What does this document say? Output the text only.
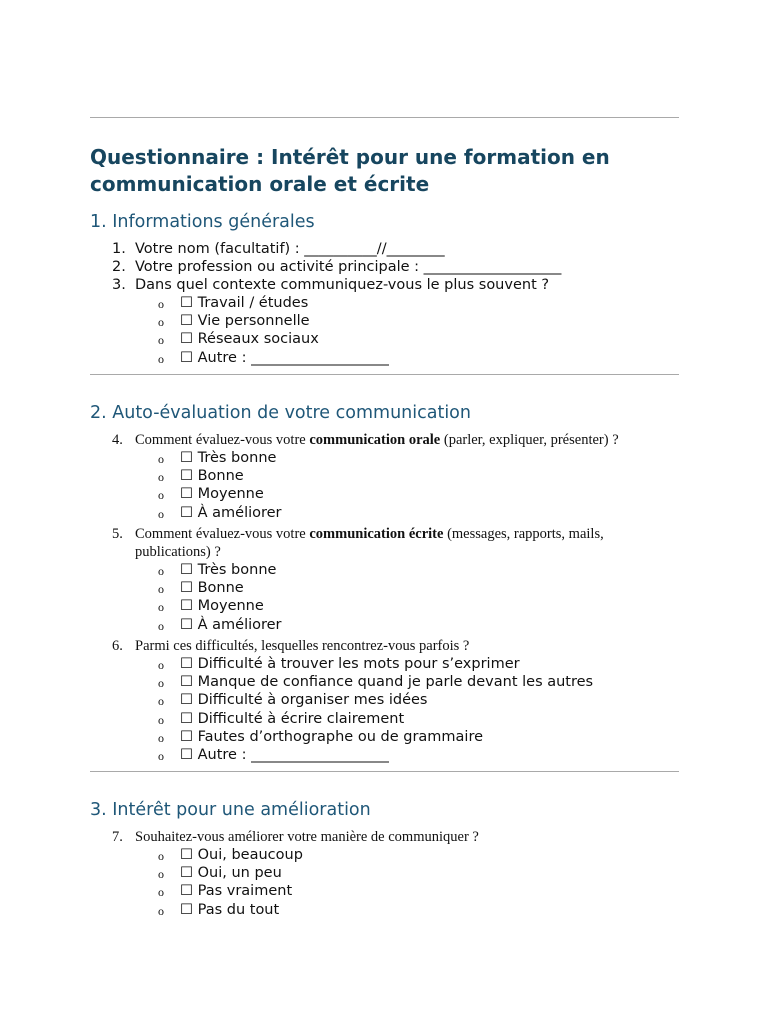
Questionnaire : Intérêt pour une formation en communication orale et écrite
1. Informations générales
1. Votre nom (facultatif) : __________//________
2. Votre profession ou activité principale : ___________________
3. Dans quel contexte communiquez-vous le plus souvent ?
o ☐ Travail / études
o ☐ Vie personnelle
o ☐ Réseaux sociaux
o ☐ Autre : ___________________
2. Auto-évaluation de votre communication
4. Comment évaluez-vous votre communication orale (parler, expliquer, présenter) ?
o ☐ Très bonne
o ☐ Bonne
o ☐ Moyenne
o ☐ À améliorer
5. Comment évaluez-vous votre communication écrite (messages, rapports, mails, publications) ?
o ☐ Très bonne
o ☐ Bonne
o ☐ Moyenne
o ☐ À améliorer
6. Parmi ces difficultés, lesquelles rencontrez-vous parfois ?
o ☐ Difficulté à trouver les mots pour s’exprimer
o ☐ Manque de confiance quand je parle devant les autres
o ☐ Difficulté à organiser mes idées
o ☐ Difficulté à écrire clairement
o ☐ Fautes d’orthographe ou de grammaire
o ☐ Autre : ___________________
3. Intérêt pour une amélioration
7. Souhaitez-vous améliorer votre manière de communiquer ?
o ☐ Oui, beaucoup
o ☐ Oui, un peu
o ☐ Pas vraiment
o ☐ Pas du tout
